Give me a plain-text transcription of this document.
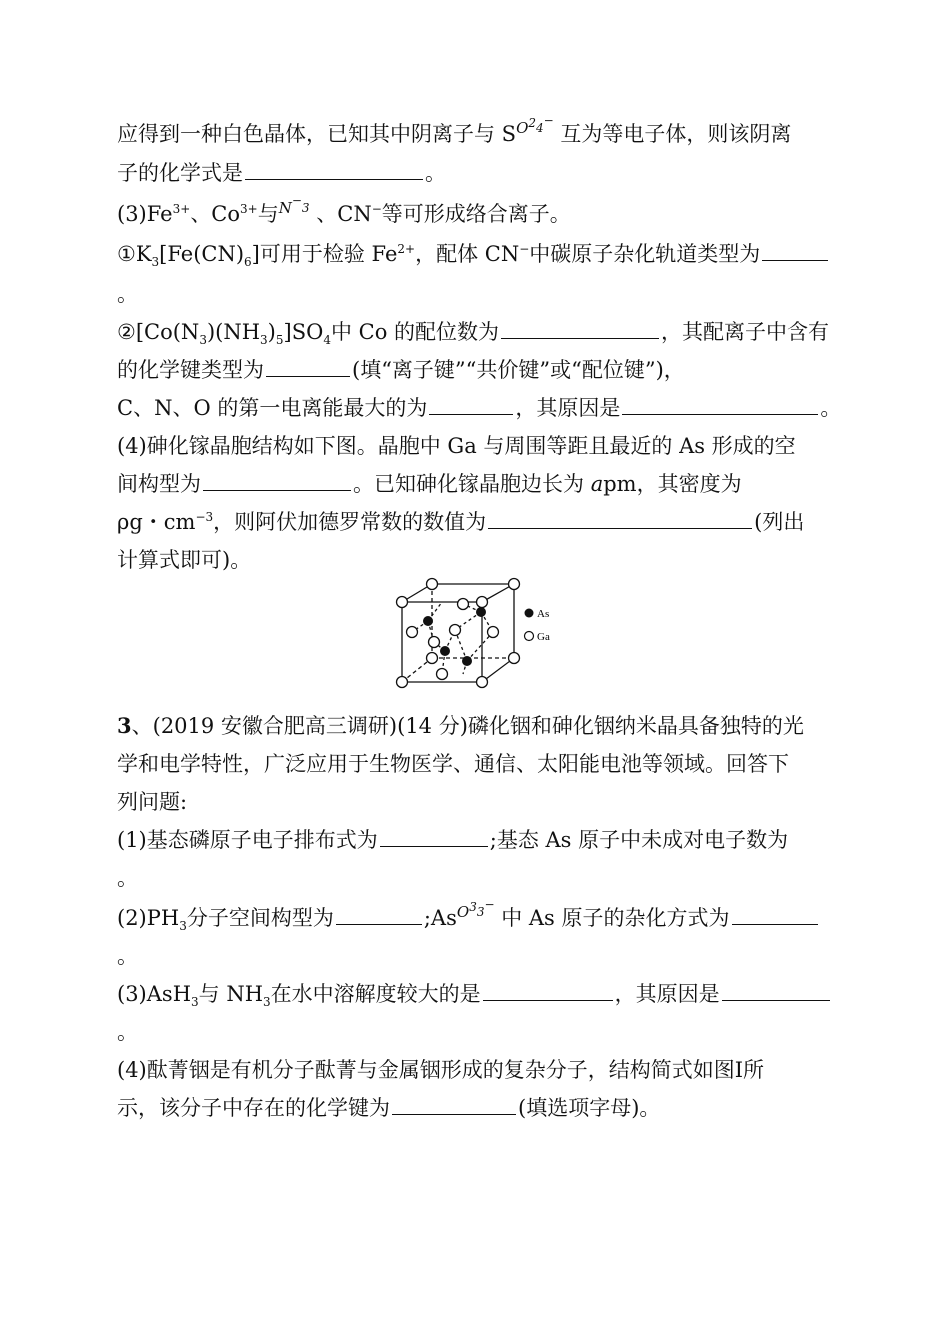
应得到一种白色晶体，已知其中阴离子与 $S^{O^{2_4^-}}$ 互为等电子体，则该阴离
子的化学式是	。
$(3)Fe^{3+}$、$Co^{3+}$与$^{N^{^-_3}}$ 、CN−等可形成络合离子。
$①K_3[Fe(CN)_6]$可用于检验 $Fe^{2+}$，配体 CN−中碳原子杂化轨道类型为
。
$②[Co(N_3)(NH_3)_5]SO_4$中 Co 的配位数为	，其配离子中含有
的化学键类型为	(填“离子键”“共价键”或“配位键”)，
C、N、O 的第一电离能最大的为	，其原因是	。
(4)砷化镓晶胞结构如下图。晶胞中 Ga 与周围等距且最近的 As 形成的空
间构型为	。已知砷化镓晶胞边长为 apm，其密度为
ρg・$cm^{-3}$，则阿伏加德罗常数的数值为	(列出
计算式即可)。
As
Ga
3、(2019 安徽合肥高三调研)(14 分)磷化铟和砷化铟纳米晶具备独特的光
学和电学特性，广泛应用于生物医学、通信、太阳能电池等领域。回答下
列问题:
(1)基态磷原子电子排布式为	;基态 As 原子中未成对电子数为
。
$(2)PH_3$分子空间构型为	$;As^{O^{3_3^-}}$ 中 As 原子的杂化方式为
。
(3)AsH$_3$与 $NH_3$在水中溶解度较大的是	，其原因是
。
(4)酞菁铟是有机分子酞菁与金属铟形成的复杂分子，结构简式如图Ⅰ所
示，该分子中存在的化学键为	(填选项字母)。
